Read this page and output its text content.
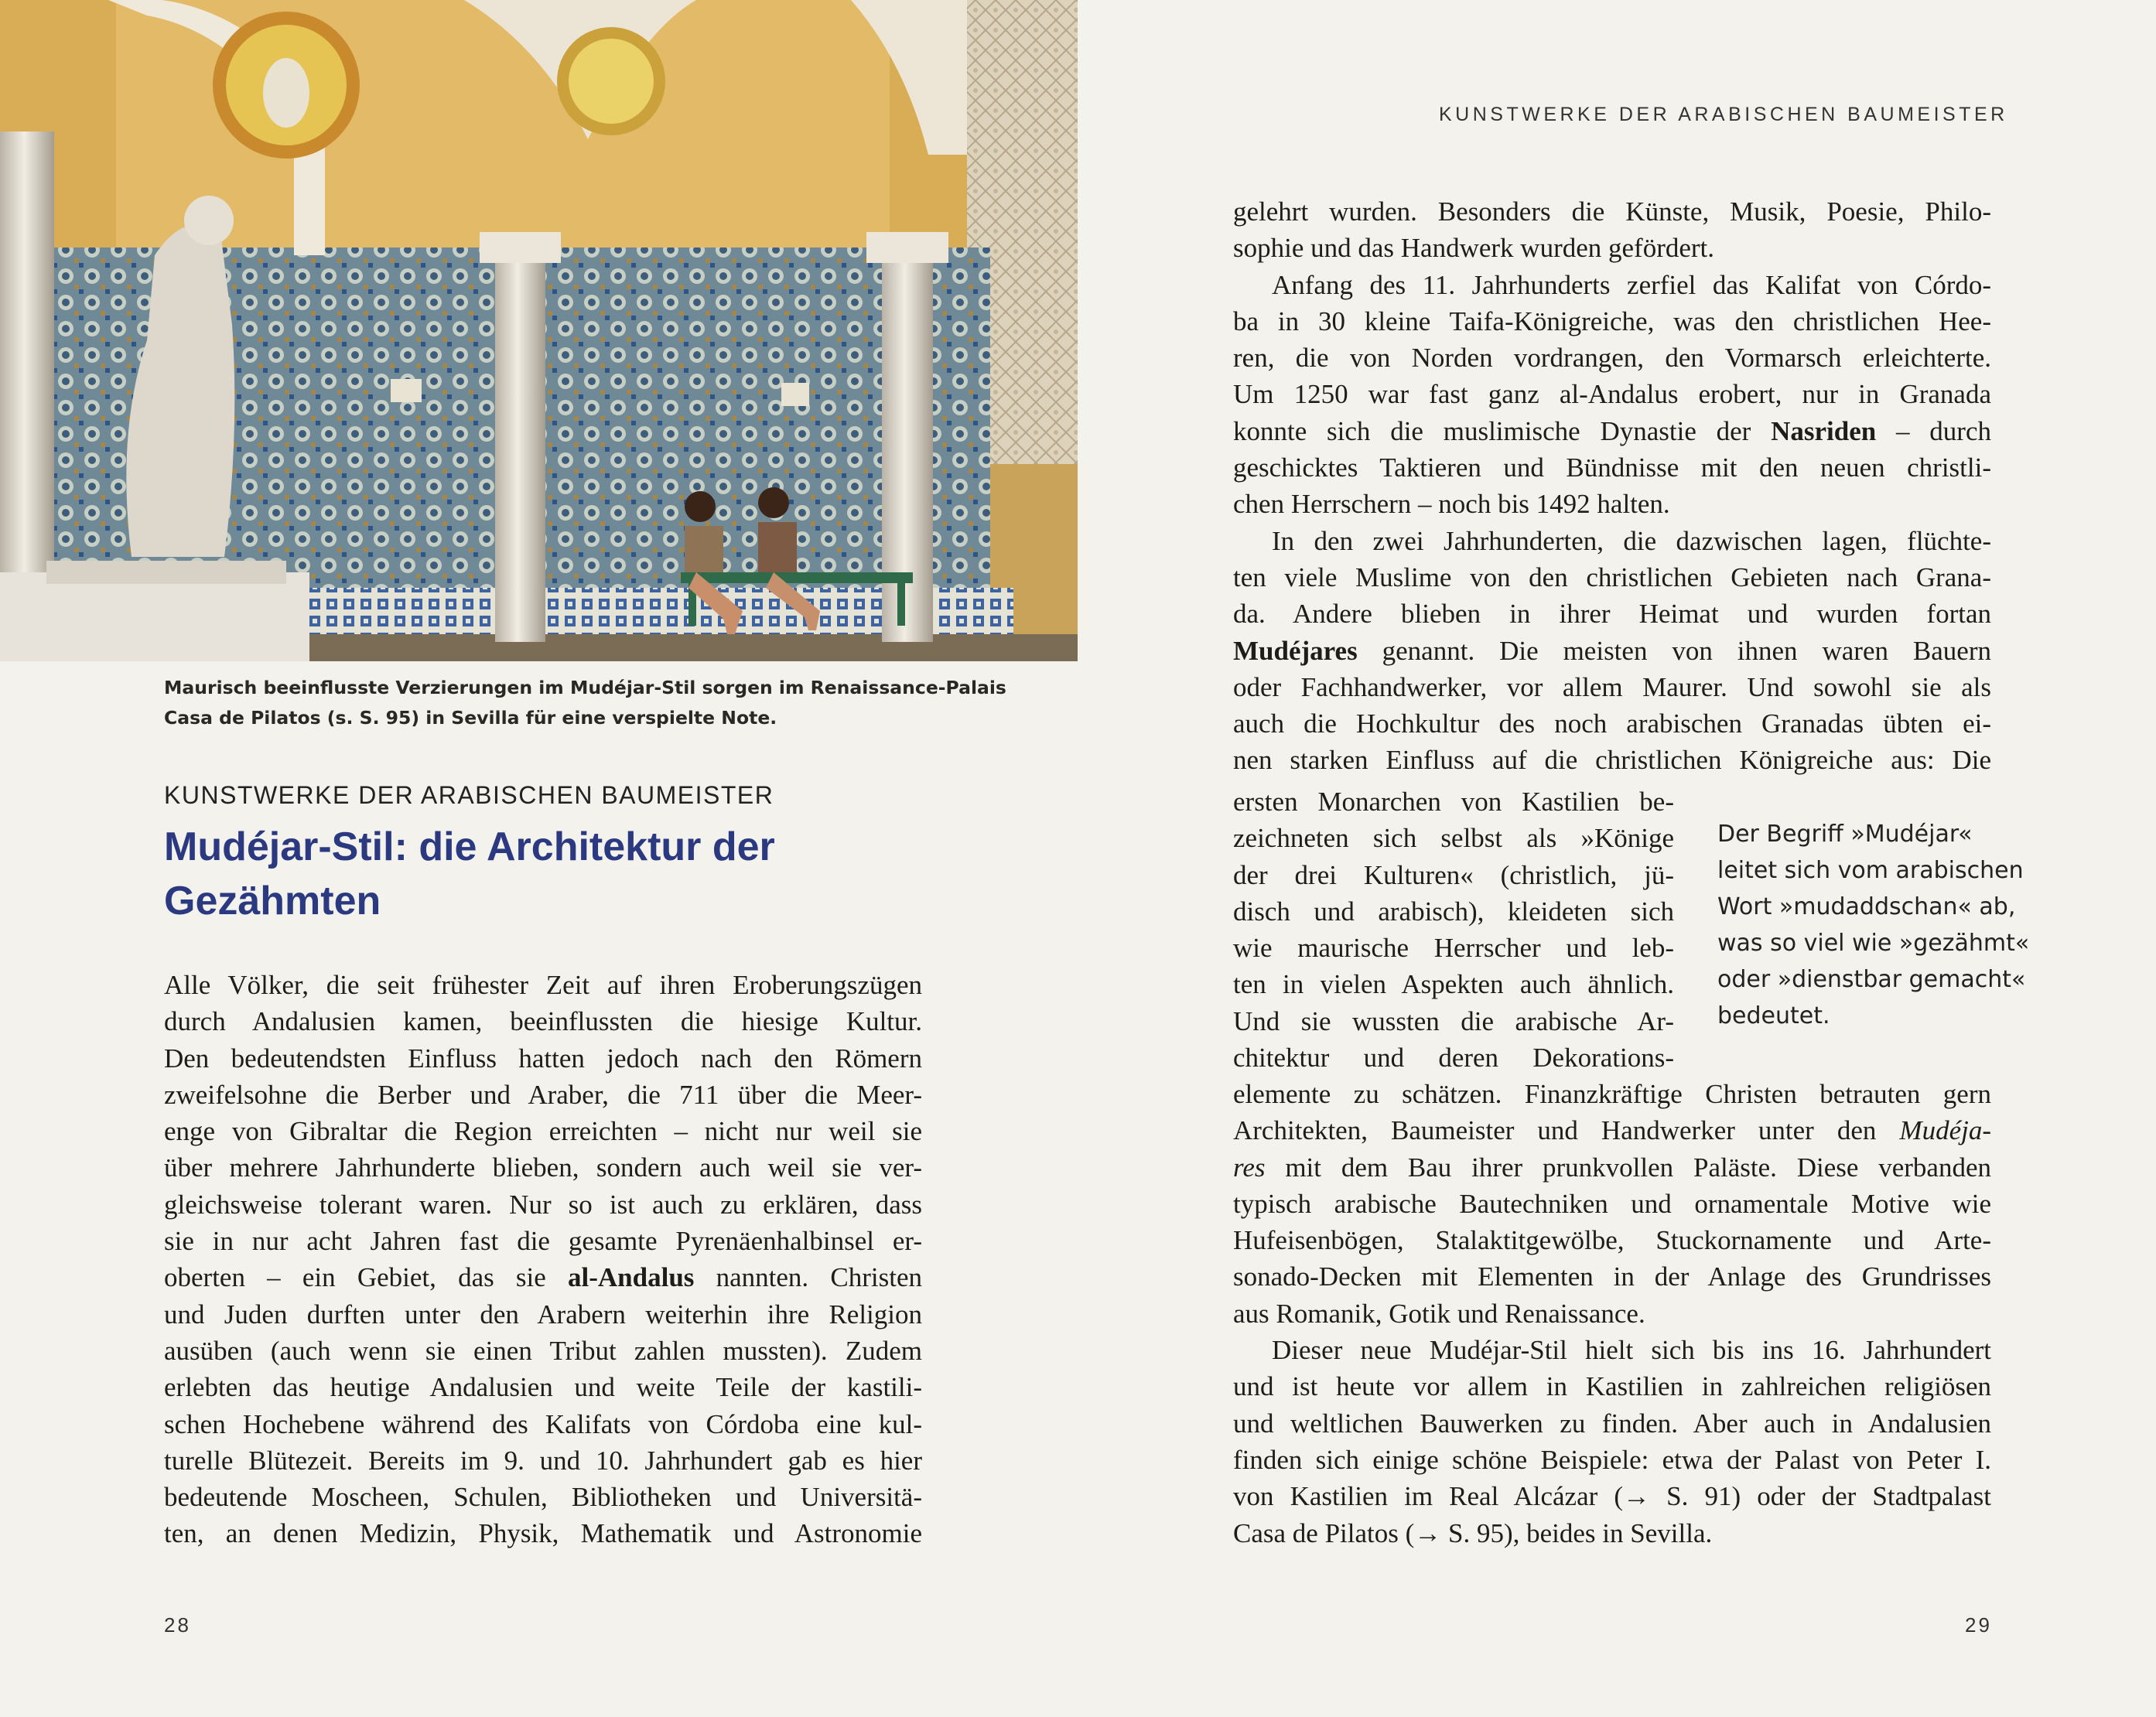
Maurisch beeinflusste Verzierungen im Mudéjar-Stil sorgen im Renaissance-Palais
Casa de Pilatos (s. S. 95) in Sevilla für eine verspielte Note.
KUNSTWERKE DER ARABISCHEN BAUMEISTER
Mudéjar-Stil: die Architektur der
Gezähmten
Alle Völker, die seit frühester Zeit auf ihren Eroberungszügen
durch Andalusien kamen, beeinflussten die hiesige Kultur.
Den bedeutendsten Einfluss hatten jedoch nach den Römern
zweifelsohne die Berber und Araber, die 711 über die Meer-
enge von Gibraltar die Region erreichten – nicht nur weil sie
über mehrere Jahrhunderte blieben, sondern auch weil sie ver-
gleichsweise tolerant waren. Nur so ist auch zu erklären, dass
sie in nur acht Jahren fast die gesamte Pyrenäenhalbinsel er-
oberten – ein Gebiet, das sie al-Andalus nannten. Christen
und Juden durften unter den Arabern weiterhin ihre Religion
ausüben (auch wenn sie einen Tribut zahlen mussten). Zudem
erlebten das heutige Andalusien und weite Teile der kastili-
schen Hochebene während des Kalifats von Córdoba eine kul-
turelle Blütezeit. Bereits im 9. und 10. Jahrhundert gab es hier
bedeutende Moscheen, Schulen, Bibliotheken und Universitä-
ten, an denen Medizin, Physik, Mathematik und Astronomie
gelehrt wurden. Besonders die Künste, Musik, Poesie, Philo-
sophie und das Handwerk wurden gefördert.
Anfang des 11. Jahrhunderts zerfiel das Kalifat von Córdo-
ba in 30 kleine Taifa-Königreiche, was den christlichen Hee-
ren, die von Norden vordrangen, den Vormarsch erleichterte.
Um 1250 war fast ganz al-Andalus erobert, nur in Granada
konnte sich die muslimische Dynastie der Nasriden – durch
geschicktes Taktieren und Bündnisse mit den neuen christli-
chen Herrschern – noch bis 1492 halten.
In den zwei Jahrhunderten, die dazwischen lagen, flüchte-
ten viele Muslime von den christlichen Gebieten nach Grana-
da. Andere blieben in ihrer Heimat und wurden fortan
Mudéjares genannt. Die meisten von ihnen waren Bauern
oder Fachhandwerker, vor allem Maurer. Und sowohl sie als
auch die Hochkultur des noch arabischen Granadas übten ei-
nen starken Einfluss auf die christlichen Königreiche aus: Die
ersten Monarchen von Kastilien be-
zeichneten sich selbst als »Könige
der drei Kulturen« (christlich, jü-
disch und arabisch), kleideten sich
wie maurische Herrscher und leb-
ten in vielen Aspekten auch ähnlich.
Und sie wussten die arabische Ar-
chitektur und deren Dekorations-
elemente zu schätzen. Finanzkräftige Christen betrauten gern
Architekten, Baumeister und Handwerker unter den Mudéja-
res mit dem Bau ihrer prunkvollen Paläste. Diese verbanden
typisch arabische Bautechniken und ornamentale Motive wie
Hufeisenbögen, Stalaktitgewölbe, Stuckornamente und Arte-
sonado-Decken mit Elementen in der Anlage des Grundrisses
aus Romanik, Gotik und Renaissance.
Dieser neue Mudéjar-Stil hielt sich bis ins 16. Jahrhundert
und ist heute vor allem in Kastilien in zahlreichen religiösen
und weltlichen Bauwerken zu finden. Aber auch in Andalusien
finden sich einige schöne Beispiele: etwa der Palast von Peter I.
von Kastilien im Real Alcázar (→ S. 91) oder der Stadtpalast
Casa de Pilatos (→ S. 95), beides in Sevilla.
Der Begriff »Mudéjar«
leitet sich vom arabischen
Wort »mudaddschan« ab,
was so viel wie »gezähmt«
oder »dienstbar gemacht«
bedeutet.
KUNSTWERKE DER ARABISCHEN BAUMEISTER
28	29
